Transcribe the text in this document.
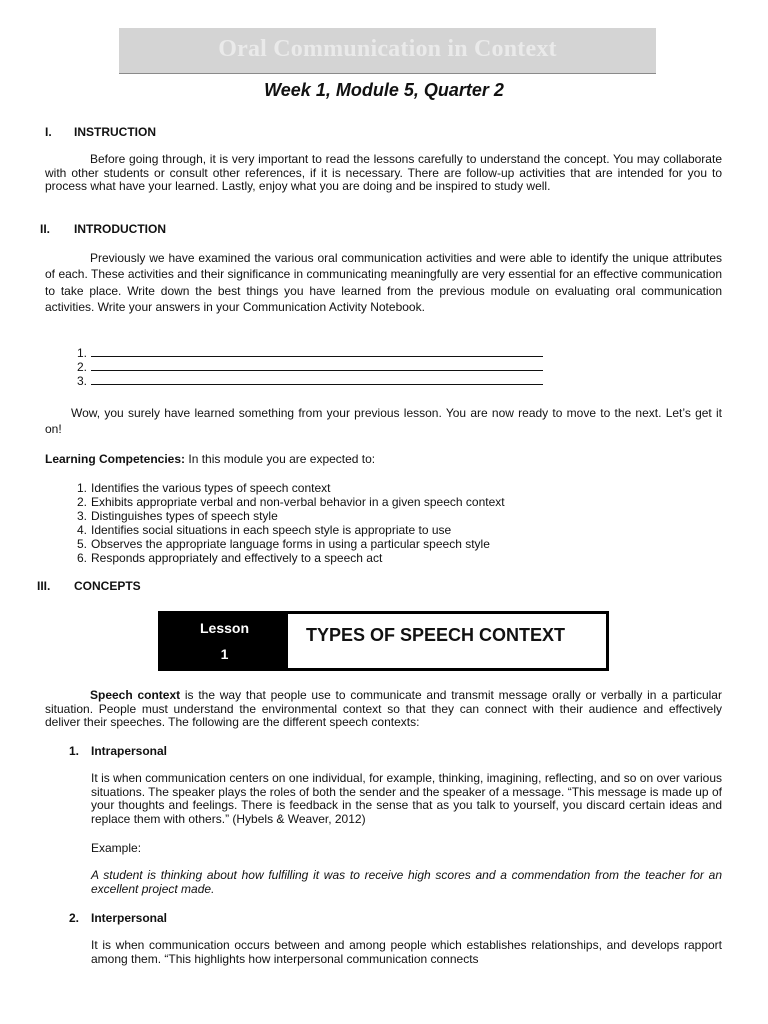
Oral Communication in Context
Week 1, Module 5, Quarter 2
I. INSTRUCTION

Before going through, it is very important to read the lessons carefully to understand the concept. You may collaborate with other students or consult other references, if it is necessary. There are follow-up activities that are intended for you to process what have your learned. Lastly, enjoy what you are doing and be inspired to study well.

II. INTRODUCTION

Previously we have examined the various oral communication activities and were able to identify the unique attributes of each. These activities and their significance in communicating meaningfully are very essential for an effective communication to take place. Write down the best things you have learned from the previous module on evaluating oral communication activities. Write your answers in your Communication Activity Notebook.

1.
2.
3.

Wow, you surely have learned something from your previous lesson. You are now ready to move to the next. Let’s get it on!

Learning Competencies: In this module you are expected to:

1. Identifies the various types of speech context
2. Exhibits appropriate verbal and non-verbal behavior in a given speech context
3. Distinguishes types of speech style
4. Identifies social situations in each speech style is appropriate to use
5. Observes the appropriate language forms in using a particular speech style
6. Responds appropriately and effectively to a speech act
III. CONCEPTS
Lesson
1
TYPES OF SPEECH CONTEXT

Speech context is the way that people use to communicate and transmit message orally or verbally in a particular situation. People must understand the environmental context so that they can connect with their audience and effectively deliver their speeches. The following are the different speech contexts:

1. Intrapersonal

It is when communication centers on one individual, for example, thinking, imagining, reflecting, and so on over various situations. The speaker plays the roles of both the sender and the speaker of a message. “This message is made up of your thoughts and feelings. There is feedback in the sense that as you talk to yourself, you discard certain ideas and replace them with others.” (Hybels & Weaver, 2012)

Example:

A student is thinking about how fulfilling it was to receive high scores and a commendation from the teacher for an excellent project made.

2. Interpersonal

It is when communication occurs between and among people which establishes relationships, and develops rapport among them. “This highlights how interpersonal communication connects
